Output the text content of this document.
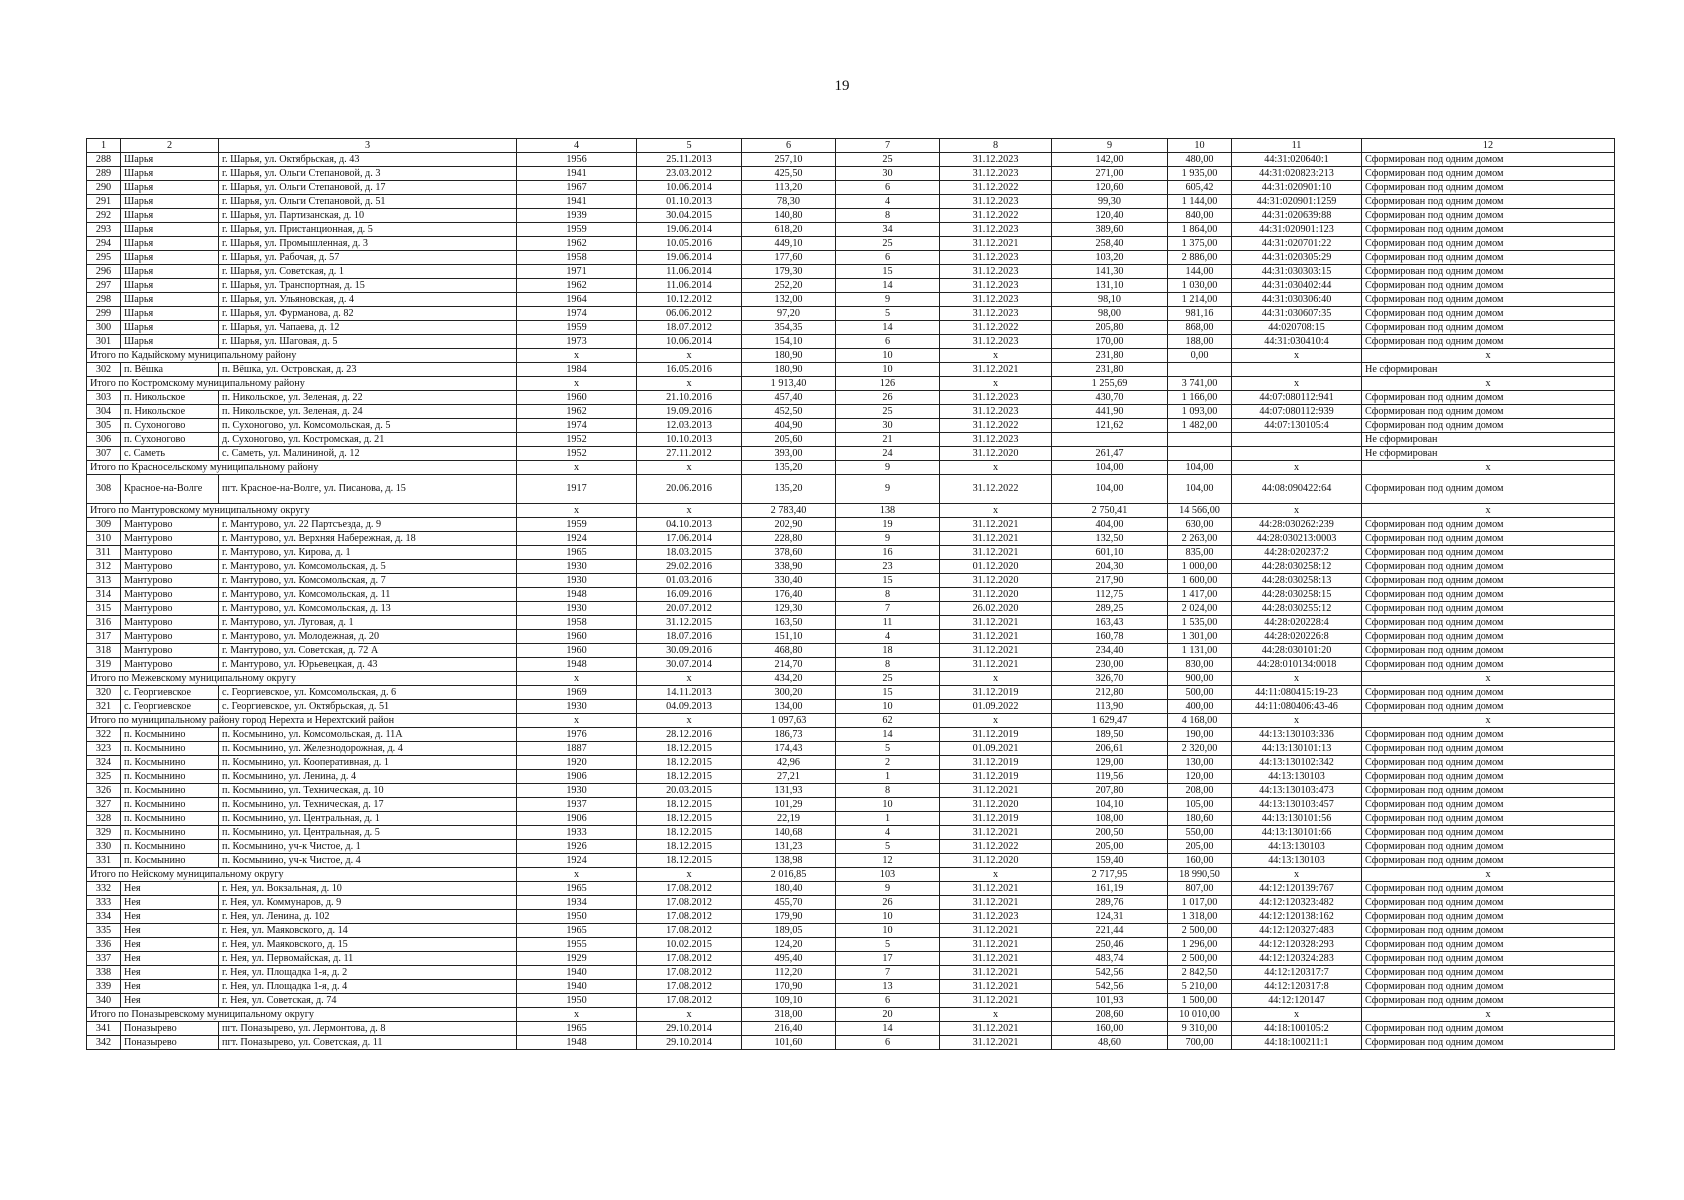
19
1	2	3	4	5	6	7	8	9	10	11	12
288	Шарья	г. Шарья, ул. Октябрьская, д. 43	1956	25.11.2013	257,10	25	31.12.2023	142,00	480,00	44:31:020640:1	Сформирован под одним домом
289	Шарья	г. Шарья, ул. Ольги Степановой, д. 3	1941	23.03.2012	425,50	30	31.12.2023	271,00	1 935,00	44:31:020823:213	Сформирован под одним домом
290	Шарья	г. Шарья, ул. Ольги Степановой, д. 17	1967	10.06.2014	113,20	6	31.12.2022	120,60	605,42	44:31:020901:10	Сформирован под одним домом
291	Шарья	г. Шарья, ул. Ольги Степановой, д. 51	1941	01.10.2013	78,30	4	31.12.2023	99,30	1 144,00	44:31:020901:1259	Сформирован под одним домом
292	Шарья	г. Шарья, ул. Партизанская, д. 10	1939	30.04.2015	140,80	8	31.12.2022	120,40	840,00	44:31:020639:88	Сформирован под одним домом
293	Шарья	г. Шарья, ул. Пристанционная, д. 5	1959	19.06.2014	618,20	34	31.12.2023	389,60	1 864,00	44:31:020901:123	Сформирован под одним домом
294	Шарья	г. Шарья, ул. Промышленная, д. 3	1962	10.05.2016	449,10	25	31.12.2021	258,40	1 375,00	44:31:020701:22	Сформирован под одним домом
295	Шарья	г. Шарья, ул. Рабочая, д. 57	1958	19.06.2014	177,60	6	31.12.2023	103,20	2 886,00	44:31:020305:29	Сформирован под одним домом
296	Шарья	г. Шарья, ул. Советская, д. 1	1971	11.06.2014	179,30	15	31.12.2023	141,30	144,00	44:31:030303:15	Сформирован под одним домом
297	Шарья	г. Шарья, ул. Транспортная, д. 15	1962	11.06.2014	252,20	14	31.12.2023	131,10	1 030,00	44:31:030402:44	Сформирован под одним домом
298	Шарья	г. Шарья, ул. Ульяновская, д. 4	1964	10.12.2012	132,00	9	31.12.2023	98,10	1 214,00	44:31:030306:40	Сформирован под одним домом
299	Шарья	г. Шарья, ул. Фурманова, д. 82	1974	06.06.2012	97,20	5	31.12.2023	98,00	981,16	44:31:030607:35	Сформирован под одним домом
300	Шарья	г. Шарья, ул. Чапаева, д. 12	1959	18.07.2012	354,35	14	31.12.2022	205,80	868,00	44:020708:15	Сформирован под одним домом
301	Шарья	г. Шарья, ул. Шаговая, д. 5	1973	10.06.2014	154,10	6	31.12.2023	170,00	188,00	44:31:030410:4	Сформирован под одним домом
Итого по Кадыйскому муниципальному району			x	x	180,90	10	x	231,80	0,00	x	x
302	п. Вёшка	п. Вёшка, ул. Островская, д. 23	1984	16.05.2016	180,90	10	31.12.2021	231,80			Не сформирован
Итого по Костромскому муниципальному району			x	x	1 913,40	126	x	1 255,69	3 741,00	x	x
303	п. Никольское	п. Никольское, ул. Зеленая, д. 22	1960	21.10.2016	457,40	26	31.12.2023	430,70	1 166,00	44:07:080112:941	Сформирован под одним домом
304	п. Никольское	п. Никольское, ул. Зеленая, д. 24	1962	19.09.2016	452,50	25	31.12.2023	441,90	1 093,00	44:07:080112:939	Сформирован под одним домом
305	п. Сухоногово	п. Сухоногово, ул. Комсомольская, д. 5	1974	12.03.2013	404,90	30	31.12.2022	121,62	1 482,00	44:07:130105:4	Сформирован под одним домом
306	п. Сухоногово	д. Сухоногово, ул. Костромская, д. 21	1952	10.10.2013	205,60	21	31.12.2023				Не сформирован
307	с. Саметь	с. Саметь, ул. Малининой, д. 12	1952	27.11.2012	393,00	24	31.12.2020	261,47			Не сформирован
Итого по Красносельскому муниципальному району			x	x	135,20	9	x	104,00	104,00	x	x
308	Красное-на-Волге	пгт. Красное-на-Волге, ул. Писанова, д. 15	1917	20.06.2016	135,20	9	31.12.2022	104,00	104,00	44:08:090422:64	Сформирован под одним домом
Итого по Мантуровскому муниципальному округу			x	x	2 783,40	138	x	2 750,41	14 566,00	x	x
309	Мантурово	г. Мантурово, ул. 22 Партсъезда, д. 9	1959	04.10.2013	202,90	19	31.12.2021	404,00	630,00	44:28:030262:239	Сформирован под одним домом
310	Мантурово	г. Мантурово, ул. Верхняя Набережная, д. 18	1924	17.06.2014	228,80	9	31.12.2021	132,50	2 263,00	44:28:030213:0003	Сформирован под одним домом
311	Мантурово	г. Мантурово, ул. Кирова, д. 1	1965	18.03.2015	378,60	16	31.12.2021	601,10	835,00	44:28:020237:2	Сформирован под одним домом
312	Мантурово	г. Мантурово, ул. Комсомольская, д. 5	1930	29.02.2016	338,90	23	01.12.2020	204,30	1 000,00	44:28:030258:12	Сформирован под одним домом
313	Мантурово	г. Мантурово, ул. Комсомольская, д. 7	1930	01.03.2016	330,40	15	31.12.2020	217,90	1 600,00	44:28:030258:13	Сформирован под одним домом
314	Мантурово	г. Мантурово, ул. Комсомольская, д. 11	1948	16.09.2016	176,40	8	31.12.2020	112,75	1 417,00	44:28:030258:15	Сформирован под одним домом
315	Мантурово	г. Мантурово, ул. Комсомольская, д. 13	1930	20.07.2012	129,30	7	26.02.2020	289,25	2 024,00	44:28:030255:12	Сформирован под одним домом
316	Мантурово	г. Мантурово, ул. Луговая, д. 1	1958	31.12.2015	163,50	11	31.12.2021	163,43	1 535,00	44:28:020228:4	Сформирован под одним домом
317	Мантурово	г. Мантурово, ул. Молодежная, д. 20	1960	18.07.2016	151,10	4	31.12.2021	160,78	1 301,00	44:28:020226:8	Сформирован под одним домом
318	Мантурово	г. Мантурово, ул. Советская, д. 72 А	1960	30.09.2016	468,80	18	31.12.2021	234,40	1 131,00	44:28:030101:20	Сформирован под одним домом
319	Мантурово	г. Мантурово, ул. Юрьевецкая, д. 43	1948	30.07.2014	214,70	8	31.12.2021	230,00	830,00	44:28:010134:0018	Сформирован под одним домом
Итого по Межевскому муниципальному округу			x	x	434,20	25	x	326,70	900,00	x	x
320	с. Георгиевское	с. Георгиевское, ул. Комсомольская, д. 6	1969	14.11.2013	300,20	15	31.12.2019	212,80	500,00	44:11:080415:19-23	Сформирован под одним домом
321	с. Георгиевское	с. Георгиевское, ул. Октябрьская, д. 51	1930	04.09.2013	134,00	10	01.09.2022	113,90	400,00	44:11:080406:43-46	Сформирован под одним домом
Итого по муниципальному району город Нерехта и Нерехтский район			x	x	1 097,63	62	x	1 629,47	4 168,00	x	x
322	п. Космынино	п. Космынино, ул. Комсомольская, д. 11А	1976	28.12.2016	186,73	14	31.12.2019	189,50	190,00	44:13:130103:336	Сформирован под одним домом
323	п. Космынино	п. Космынино, ул. Железнодорожная, д. 4	1887	18.12.2015	174,43	5	01.09.2021	206,61	2 320,00	44:13:130101:13	Сформирован под одним домом
324	п. Космынино	п. Космынино, ул. Кооперативная, д. 1	1920	18.12.2015	42,96	2	31.12.2019	129,00	130,00	44:13:130102:342	Сформирован под одним домом
325	п. Космынино	п. Космынино, ул. Ленина, д. 4	1906	18.12.2015	27,21	1	31.12.2019	119,56	120,00	44:13:130103	Сформирован под одним домом
326	п. Космынино	п. Космынино, ул. Техническая, д. 10	1930	20.03.2015	131,93	8	31.12.2021	207,80	208,00	44:13:130103:473	Сформирован под одним домом
327	п. Космынино	п. Космынино, ул. Техническая, д. 17	1937	18.12.2015	101,29	10	31.12.2020	104,10	105,00	44:13:130103:457	Сформирован под одним домом
328	п. Космынино	п. Космынино, ул. Центральная, д. 1	1906	18.12.2015	22,19	1	31.12.2019	108,00	180,60	44:13:130101:56	Сформирован под одним домом
329	п. Космынино	п. Космынино, ул. Центральная, д. 5	1933	18.12.2015	140,68	4	31.12.2021	200,50	550,00	44:13:130101:66	Сформирован под одним домом
330	п. Космынино	п. Космынино, уч-к Чистое, д. 1	1926	18.12.2015	131,23	5	31.12.2022	205,00	205,00	44:13:130103	Сформирован под одним домом
331	п. Космынино	п. Космынино, уч-к Чистое, д. 4	1924	18.12.2015	138,98	12	31.12.2020	159,40	160,00	44:13:130103	Сформирован под одним домом
Итого по Нейскому муниципальному округу			x	x	2 016,85	103	x	2 717,95	18 990,50	x	x
332	Нея	г. Нея, ул. Вокзальная, д. 10	1965	17.08.2012	180,40	9	31.12.2021	161,19	807,00	44:12:120139:767	Сформирован под одним домом
333	Нея	г. Нея, ул. Коммунаров, д. 9	1934	17.08.2012	455,70	26	31.12.2021	289,76	1 017,00	44:12:120323:482	Сформирован под одним домом
334	Нея	г. Нея, ул. Ленина, д. 102	1950	17.08.2012	179,90	10	31.12.2023	124,31	1 318,00	44:12:120138:162	Сформирован под одним домом
335	Нея	г. Нея, ул. Маяковского, д. 14	1965	17.08.2012	189,05	10	31.12.2021	221,44	2 500,00	44:12:120327:483	Сформирован под одним домом
336	Нея	г. Нея, ул. Маяковского, д. 15	1955	10.02.2015	124,20	5	31.12.2021	250,46	1 296,00	44:12:120328:293	Сформирован под одним домом
337	Нея	г. Нея, ул. Первомайская, д. 11	1929	17.08.2012	495,40	17	31.12.2021	483,74	2 500,00	44:12:120324:283	Сформирован под одним домом
338	Нея	г. Нея, ул. Площадка 1-я, д. 2	1940	17.08.2012	112,20	7	31.12.2021	542,56	2 842,50	44:12:120317:7	Сформирован под одним домом
339	Нея	г. Нея, ул. Площадка 1-я, д. 4	1940	17.08.2012	170,90	13	31.12.2021	542,56	5 210,00	44:12:120317:8	Сформирован под одним домом
340	Нея	г. Нея, ул. Советская, д. 74	1950	17.08.2012	109,10	6	31.12.2021	101,93	1 500,00	44:12:120147	Сформирован под одним домом
Итого по Поназыревскому муниципальному округу			x	x	318,00	20	x	208,60	10 010,00	x	x
341	Поназырево	пгт. Поназырево, ул. Лермонтова, д. 8	1965	29.10.2014	216,40	14	31.12.2021	160,00	9 310,00	44:18:100105:2	Сформирован под одним домом
342	Поназырево	пгт. Поназырево, ул. Советская, д. 11	1948	29.10.2014	101,60	6	31.12.2021	48,60	700,00	44:18:100211:1	Сформирован под одним домом
